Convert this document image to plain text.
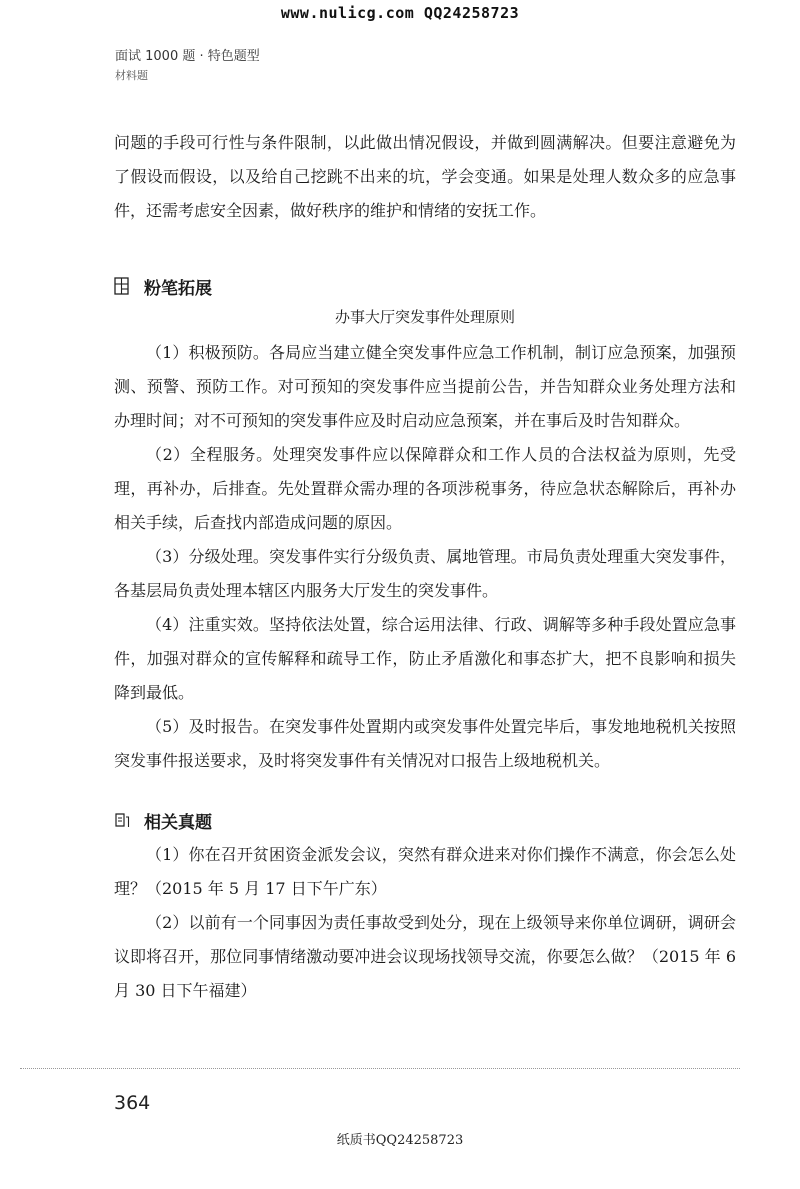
www.nulicg.com QQ24258723
面试 1000 题 · 特色题型
材料题

问题的手段可行性与条件限制，以此做出情况假设，并做到圆满解决。但要注意避免为了假设而假设，以及给自己挖跳不出来的坑，学会变通。如果是处理人数众多的应急事件，还需考虑安全因素，做好秩序的维护和情绪的安抚工作。

粉笔拓展
办事大厅突发事件处理原则

（1）积极预防。各局应当建立健全突发事件应急工作机制，制订应急预案，加强预测、预警、预防工作。对可预知的突发事件应当提前公告，并告知群众业务处理方法和办理时间；对不可预知的突发事件应及时启动应急预案，并在事后及时告知群众。

（2）全程服务。处理突发事件应以保障群众和工作人员的合法权益为原则，先受理，再补办，后排查。先处置群众需办理的各项涉税事务，待应急状态解除后，再补办相关手续，后查找内部造成问题的原因。

（3）分级处理。突发事件实行分级负责、属地管理。市局负责处理重大突发事件，各基层局负责处理本辖区内服务大厅发生的突发事件。

（4）注重实效。坚持依法处置，综合运用法律、行政、调解等多种手段处置应急事件，加强对群众的宣传解释和疏导工作，防止矛盾激化和事态扩大，把不良影响和损失降到最低。

（5）及时报告。在突发事件处置期内或突发事件处置完毕后，事发地地税机关按照突发事件报送要求，及时将突发事件有关情况对口报告上级地税机关。

相关真题

（1）你在召开贫困资金派发会议，突然有群众进来对你们操作不满意，你会怎么处理？（2015 年 5 月 17 日下午广东）

（2）以前有一个同事因为责任事故受到处分，现在上级领导来你单位调研，调研会议即将召开，那位同事情绪激动要冲进会议现场找领导交流，你要怎么做？（2015 年 6 月 30 日下午福建）

364
纸质书QQ24258723
